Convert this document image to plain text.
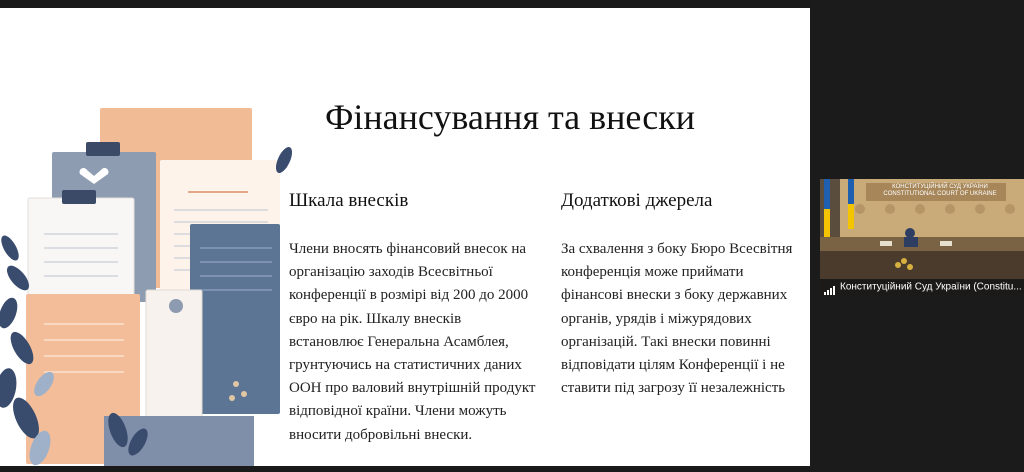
Фінансування та внески
Шкала внесків
Члени вносять фінансовий внесок на організацію заходів Всесвітньої конференції в розмірі від 200 до 2000 євро на рік. Шкалу внесків встановлює Генеральна Асамблея, грунтуючись на статистичних даних ООН про валовий внутрішній продукт відповідної країни. Члени можуть вносити добровільні внески.
Додаткові джерела
За схвалення з боку Бюро Всесвітня конференція може приймати фінансові внески з боку державних органів, урядів і міжурядових організацій. Такі внески повинні відповідати цілям Конференції і не ставити під загрозу її незалежність
КОНСТИТУЦІЙНИЙ СУД УКРАЇНИ
CONSTITUTIONAL COURT OF UKRAINE
Конституційний Суд України (Constitu...
